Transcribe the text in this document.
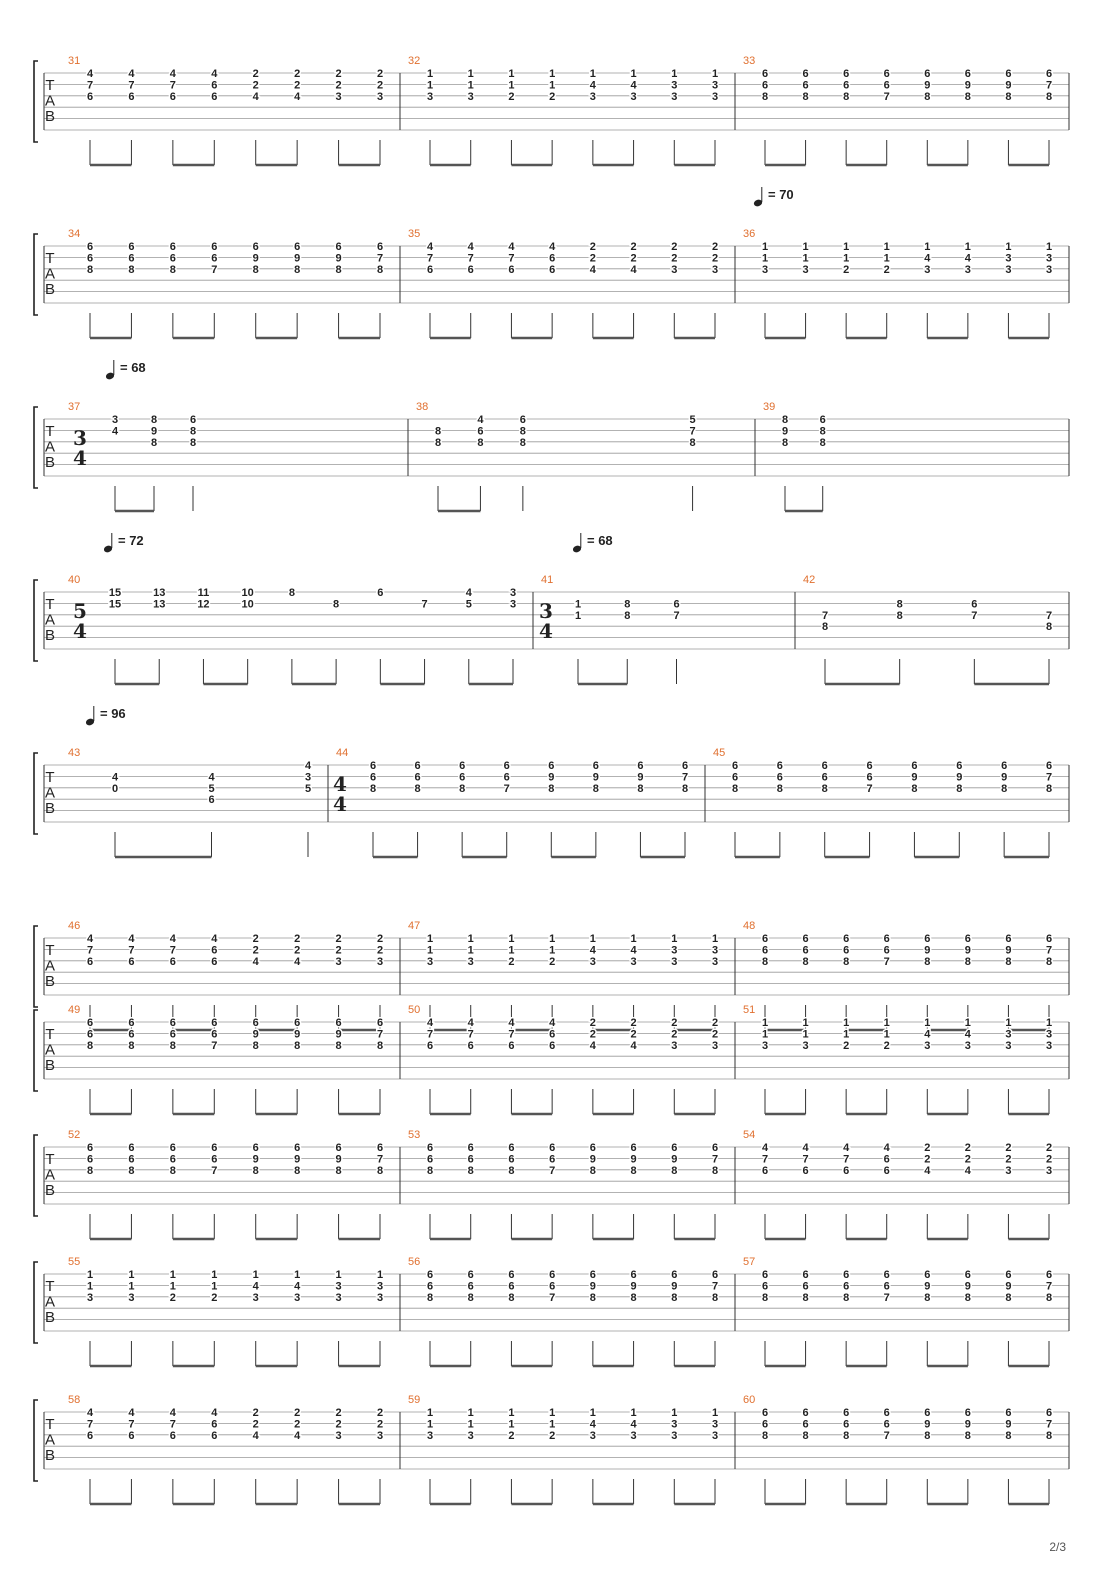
T
A
B
31
4
7
6
4
7
6
4
7
6
4
6
6
2
2
4
2
2
4
2
2
3
2
2
3
32
1
1
3
1
1
3
1
1
2
1
1
2
1
4
3
1
4
3
1
3
3
1
3
3
33
6
6
8
6
6
8
6
6
8
6
6
7
6
9
8
6
9
8
6
9
8
6
7
8
T
A
B
= 70
34
6
6
8
6
6
8
6
6
8
6
6
7
6
9
8
6
9
8
6
9
8
6
7
8
35
4
7
6
4
7
6
4
7
6
4
6
6
2
2
4
2
2
4
2
2
3
2
2
3
36
1
1
3
1
1
3
1
1
2
1
1
2
1
4
3
1
4
3
1
3
3
1
3
3
T
A
B
= 68
3
4
37
3
4
8
9
8
6
8
8
38
8
8
4
6
8
6
8
8
5
7
8
39
8
9
8
6
8
8
T
A
B
= 72	= 68
5
4
3
4
40
15
15
13
13
11
12
10
10
8
8
6
7
4
5
3
3
41
1
1
8
8
6
7
42
7
8
8
8
6
7	7
8
T
A
B
= 96
4
4
43
4
0
4
5
6
4
3
5
44
6
6
8
6
6
8
6
6
8
6
6
7
6
9
8
6
9
8
6
9
8
6
7
8
45
6
6
8
6
6
8
6
6
8
6
6
7
6
9
8
6
9
8
6
9
8
6
7
8
T
A
B
46
4
7
6
4
7
6
4
7
6
4
6
6
2
2
4
2
2
4
2
2
3
2
2
3
47
1
1
3
1
1
3
1
1
2
1
1
2
1
4
3
1
4
3
1
3
3
1
3
3
48
6
6
8
6
6
8
6
6
8
6
6
7
6
9
8
6
9
8
6
9
8
6
7
8
T
A
B
49
6
6
8
6
6
8
6
6
8
6
6
7
6
9
8
6
9
8
6
9
8
6
7
8
50
4
7
6
4
7
6
4
7
6
4
6
6
2
2
4
2
2
4
2
2
3
2
2
3
51
1
1
3
1
1
3
1
1
2
1
1
2
1
4
3
1
4
3
1
3
3
1
3
3
T
A
B
52
6
6
8
6
6
8
6
6
8
6
6
7
6
9
8
6
9
8
6
9
8
6
7
8
53
6
6
8
6
6
8
6
6
8
6
6
7
6
9
8
6
9
8
6
9
8
6
7
8
54
4
7
6
4
7
6
4
7
6
4
6
6
2
2
4
2
2
4
2
2
3
2
2
3
T
A
B
55
1
1
3
1
1
3
1
1
2
1
1
2
1
4
3
1
4
3
1
3
3
1
3
3
56
6
6
8
6
6
8
6
6
8
6
6
7
6
9
8
6
9
8
6
9
8
6
7
8
57
6
6
8
6
6
8
6
6
8
6
6
7
6
9
8
6
9
8
6
9
8
6
7
8
T
A
B
58
4
7
6
4
7
6
4
7
6
4
6
6
2
2
4
2
2
4
2
2
3
2
2
3
59
1
1
3
1
1
3
1
1
2
1
1
2
1
4
3
1
4
3
1
3
3
1
3
3
60
6
6
8
6
6
8
6
6
8
6
6
7
6
9
8
6
9
8
6
9
8
6
7
8
2/3
